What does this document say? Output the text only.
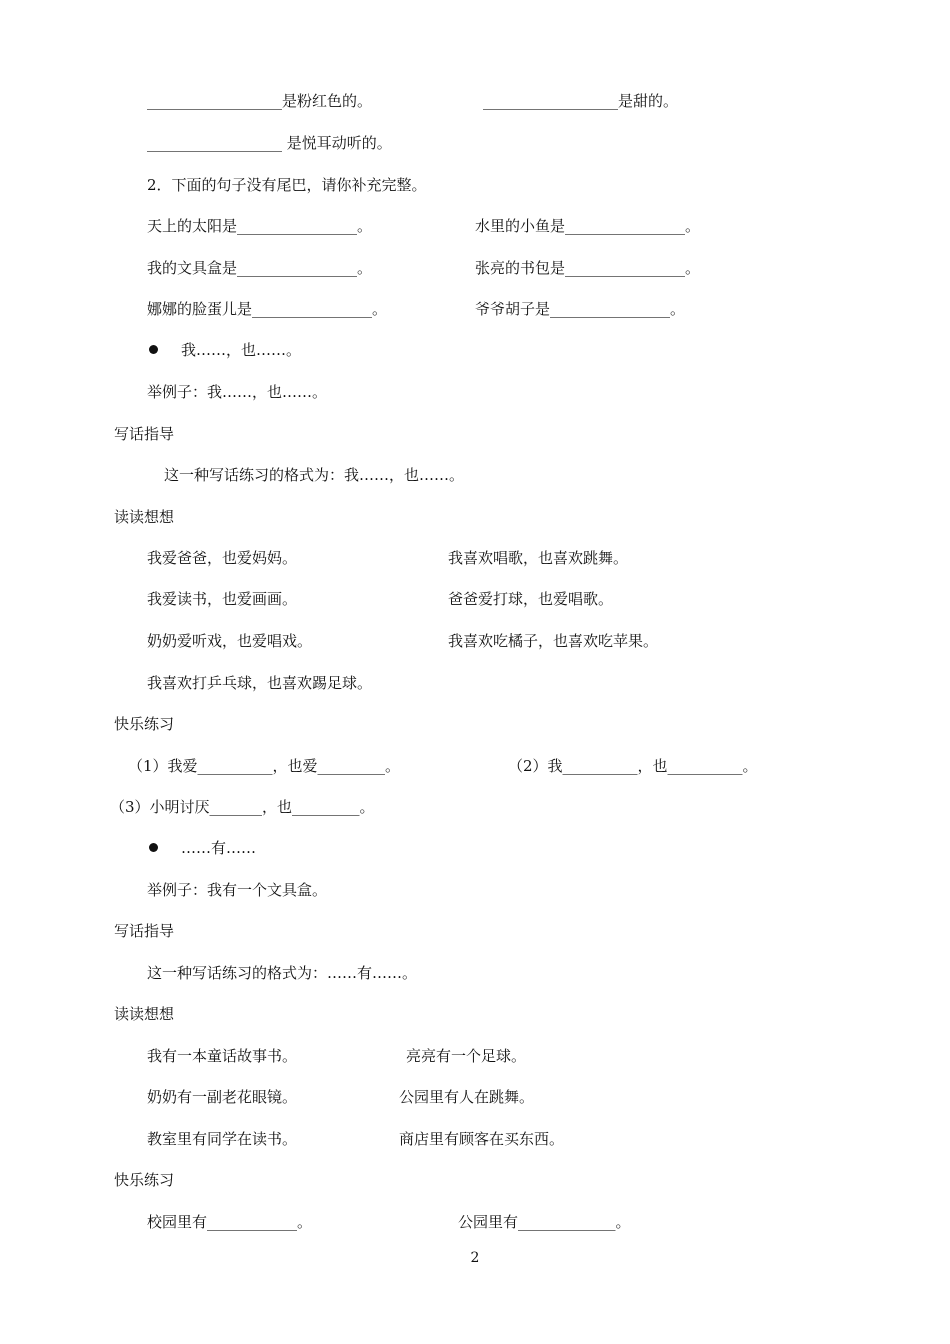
__________________是粉红色的。	__________________是甜的。
__________________ 是悦耳动听的。
2．下面的句子没有尾巴，请你补充完整。
天上的太阳是________________。	水里的小鱼是________________。
我的文具盒是________________。	张亮的书包是________________。
娜娜的脸蛋儿是________________。	爷爷胡子是________________。
我……，也……。
举例子：我……，也……。
写话指导
这一种写话练习的格式为：我……，也……。
读读想想
我爱爸爸，也爱妈妈。	我喜欢唱歌，也喜欢跳舞。
我爱读书，也爱画画。	爸爸爱打球，也爱唱歌。
奶奶爱听戏，也爱唱戏。	我喜欢吃橘子，也喜欢吃苹果。
我喜欢打乒乓球，也喜欢踢足球。
快乐练习
（1）我爱__________，也爱_________。	（2）我__________，也__________。
（3）小明讨厌_______，也_________。
……有……
举例子：我有一个文具盒。
写话指导
这一种写话练习的格式为：……有……。
读读想想
我有一本童话故事书。	亮亮有一个足球。
奶奶有一副老花眼镜。	公园里有人在跳舞。
教室里有同学在读书。	商店里有顾客在买东西。
快乐练习
校园里有____________。	公园里有_____________。
2
